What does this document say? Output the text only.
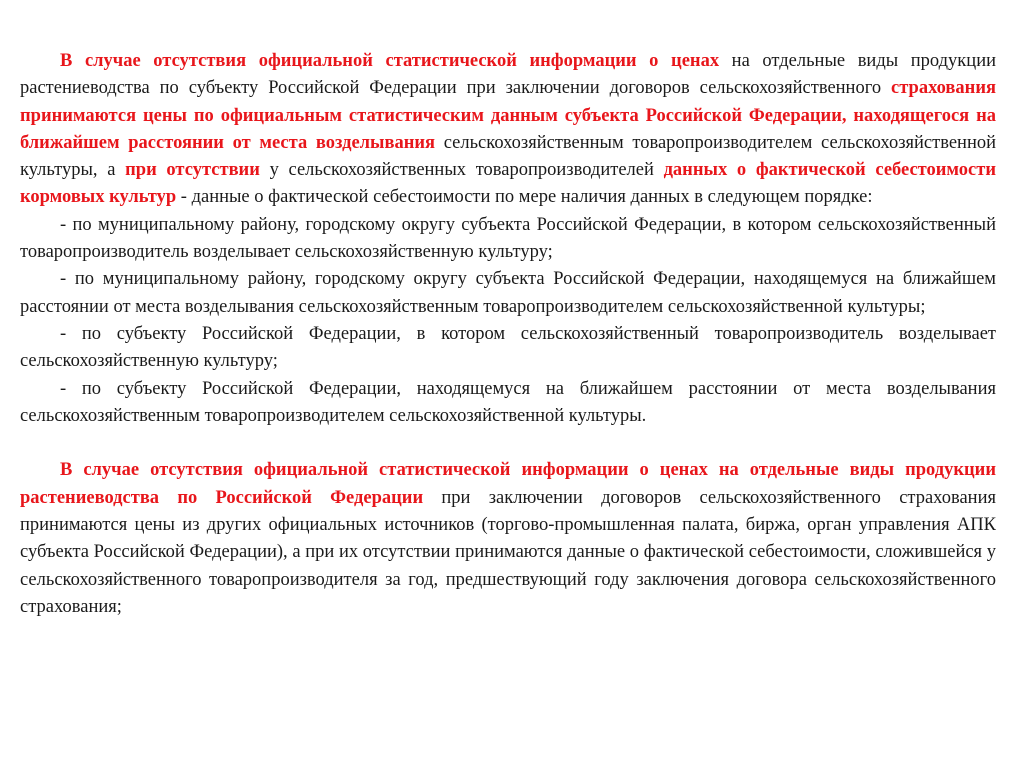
В случае отсутствия официальной статистической информации о ценах на отдельные виды продукции растениеводства по субъекту Российской Федерации при заключении договоров сельскохозяйственного страхования принимаются цены по официальным статистическим данным субъекта Российской Федерации, находящегося на ближайшем расстоянии от места возделывания сельскохозяйственным товаропроизводителем сельскохозяйственной культуры, а при отсутствии у сельскохозяйственных товаропроизводителей данных о фактической себестоимости кормовых культур - данные о фактической себестоимости по мере наличия данных в следующем порядке:

- по муниципальному району, городскому округу субъекта Российской Федерации, в котором сельскохозяйственный товаропроизводитель возделывает сельскохозяйственную культуру;

- по муниципальному району, городскому округу субъекта Российской Федерации, находящемуся на ближайшем расстоянии от места возделывания сельскохозяйственным товаропроизводителем сельскохозяйственной культуры;

- по субъекту Российской Федерации, в котором сельскохозяйственный товаропроизводитель возделывает сельскохозяйственную культуру;

- по субъекту Российской Федерации, находящемуся на ближайшем расстоянии от места возделывания сельскохозяйственным товаропроизводителем сельскохозяйственной культуры.

В случае отсутствия официальной статистической информации о ценах на отдельные виды продукции растениеводства по Российской Федерации при заключении договоров сельскохозяйственного страхования принимаются цены из других официальных источников (торгово-промышленная палата, биржа, орган управления АПК субъекта Российской Федерации), а при их отсутствии принимаются данные о фактической себестоимости, сложившейся у сельскохозяйственного товаропроизводителя за год, предшествующий году заключения договора сельскохозяйственного страхования;
